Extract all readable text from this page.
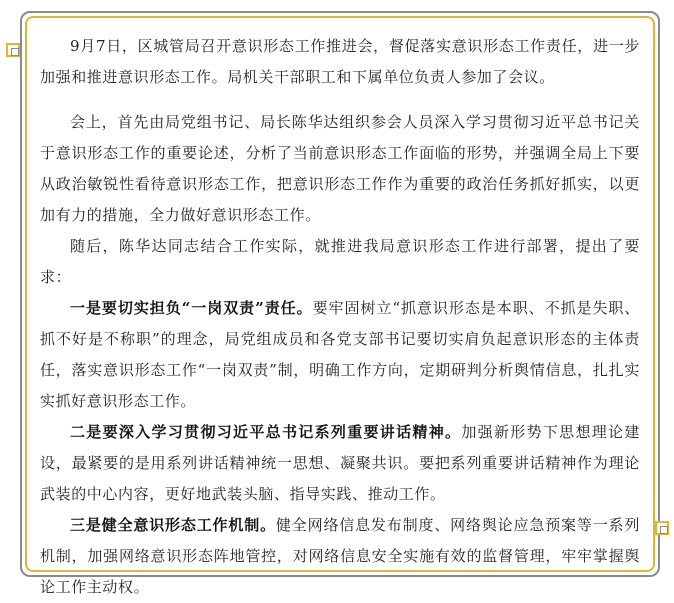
9月7日，区城管局召开意识形态工作推进会，督促落实意识形态工作责任，进一步加强和推进意识形态工作。局机关干部职工和下属单位负责人参加了会议。

会上，首先由局党组书记、局长陈华达组织参会人员深入学习贯彻习近平总书记关于意识形态工作的重要论述，分析了当前意识形态工作面临的形势，并强调全局上下要从政治敏锐性看待意识形态工作，把意识形态工作作为重要的政治任务抓好抓实，以更加有力的措施，全力做好意识形态工作。

随后，陈华达同志结合工作实际，就推进我局意识形态工作进行部署，提出了要求：

一是要切实担负“一岗双责”责任。要牢固树立“抓意识形态是本职、不抓是失职、抓不好是不称职”的理念，局党组成员和各党支部书记要切实肩负起意识形态的主体责任，落实意识形态工作“一岗双责”制，明确工作方向，定期研判分析舆情信息，扎扎实实抓好意识形态工作。

二是要深入学习贯彻习近平总书记系列重要讲话精神。加强新形势下思想理论建设，最紧要的是用系列讲话精神统一思想、凝聚共识。要把系列重要讲话精神作为理论武装的中心内容，更好地武装头脑、指导实践、推动工作。

三是健全意识形态工作机制。健全网络信息发布制度、网络舆论应急预案等一系列机制，加强网络意识形态阵地管控，对网络信息安全实施有效的监督管理，牢牢掌握舆论工作主动权。
